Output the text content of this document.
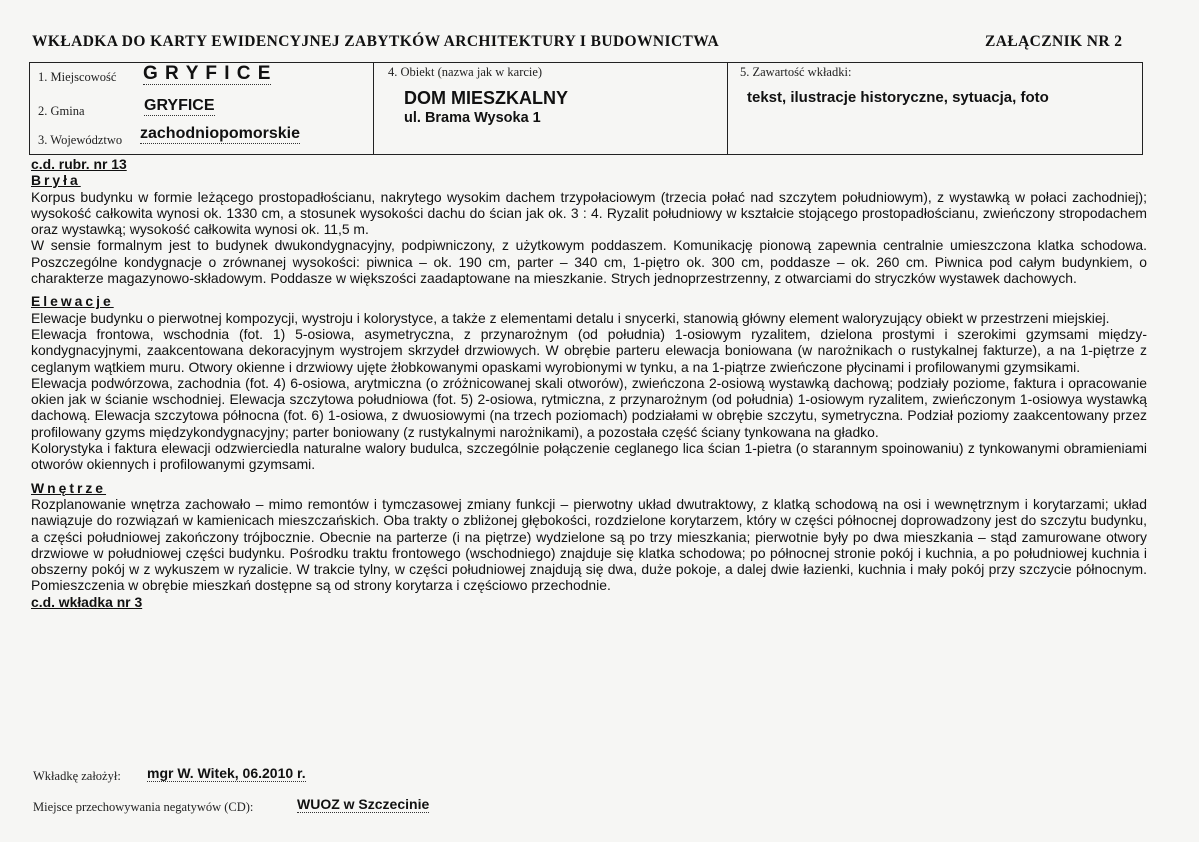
WKŁADKA DO KARTY EWIDENCYJNEJ ZABYTKÓW ARCHITEKTURY I BUDOWNICTWA	ZAŁĄCZNIK NR 2
1. Miejscowość G R Y F I C E
2. Gmina	GRYFICE
3. Województwo zachodniopomorskie
4. Obiekt (nazwa jak w karcie)
DOM MIESZKALNY
ul. Brama Wysoka 1
5. Zawartość wkładki:
tekst, ilustracje historyczne, sytuacja, foto
c.d. rubr. nr 13
Bryła

Korpus budynku w formie leżącego prostopadłościanu, nakrytego wysokim dachem trzypołaciowym (trzecia połać nad szczytem południowym), z wystawką w połaci zachodniej); wysokość całkowita wynosi ok. 1330 cm, a stosunek wysokości dachu do ścian jak ok. 3 : 4. Ryzalit południowy w kształcie stojącego prostopadłościanu, zwieńczony stropodachem oraz wystawką; wysokość całkowita wynosi ok. 11,5 m.

W sensie formalnym jest to budynek dwukondygnacyjny, podpiwniczony, z użytkowym poddaszem. Komunikację pionową zapewnia centralnie umieszczona klatka schodowa. Poszczególne kondygnacje o zrównanej wysokości: piwnica – ok. 190 cm, parter – 340 cm, 1-piętro ok. 300 cm, poddasze – ok. 260 cm. Piwnica pod całym budynkiem, o charakterze magazynowo-składowym. Poddasze w większości zaadaptowane na mieszkanie. Strych jednoprzestrzenny, z otwarciami do stryczków wystawek dachowych.

Elewacje

Elewacje budynku o pierwotnej kompozycji, wystroju i kolorystyce, a także z elementami detalu i snycerki, stanowią główny element waloryzujący obiekt w przestrzeni miejskiej.

Elewacja frontowa, wschodnia (fot. 1) 5-osiowa, asymetryczna, z przynarożnym (od południa) 1-osiowym ryzalitem, dzielona prostymi i szerokimi gzymsami między-kondygnacyjnymi, zaakcentowana dekoracyjnym wystrojem skrzydeł drzwiowych. W obrębie parteru elewacja boniowana (w narożnikach o rustykalnej fakturze), a na 1-piętrze z ceglanym wątkiem muru. Otwory okienne i drzwiowy ujęte żłobkowanymi opaskami wyrobionymi w tynku, a na 1-piątrze zwieńczone płycinami i profilowanymi gzymsikami.

Elewacja podwórzowa, zachodnia (fot. 4) 6-osiowa, arytmiczna (o zróżnicowanej skali otworów), zwieńczona 2-osiową wystawką dachową; podziały poziome, faktura i opracowanie okien jak w ścianie wschodniej. Elewacja szczytowa południowa (fot. 5) 2-osiowa, rytmiczna, z przynarożnym (od południa) 1-osiowym ryzalitem, zwieńczonym 1-osiowya wystawką dachową. Elewacja szczytowa północna (fot. 6) 1-osiowa, z dwuosiowymi (na trzech poziomach) podziałami w obrębie szczytu, symetryczna. Podział poziomy zaakcentowany przez profilowany gzyms międzykondygnacyjny; parter boniowany (z rustykalnymi narożnikami), a pozostała część ściany tynkowana na gładko.

Kolorystyka i faktura elewacji odzwierciedla naturalne walory budulca, szczególnie połączenie ceglanego lica ścian 1-pietra (o starannym spoinowaniu) z tynkowanymi obramieniami otworów okiennych i profilowanymi gzymsami.

Wnętrze

Rozplanowanie wnętrza zachowało – mimo remontów i tymczasowej zmiany funkcji – pierwotny układ dwutraktowy, z klatką schodową na osi i wewnętrznym i korytarzami; układ nawiązuje do rozwiązań w kamienicach mieszczańskich. Oba trakty o zbliżonej głębokości, rozdzielone korytarzem, który w części północnej doprowadzony jest do szczytu budynku, a części południowej zakończony trójbocznie. Obecnie na parterze (i na piętrze) wydzielone są po trzy mieszkania; pierwotnie były po dwa mieszkania – stąd zamurowane otwory drzwiowe w południowej części budynku. Pośrodku traktu frontowego (wschodniego) znajduje się klatka schodowa; po północnej stronie pokój i kuchnia, a po południowej kuchnia i obszerny pokój w z wykuszem w ryzalicie. W trakcie tylny, w części południowej znajdują się dwa, duże pokoje, a dalej dwie łazienki, kuchnia i mały pokój przy szczycie północnym. Pomieszczenia w obrębie mieszkań dostępne są od strony korytarza i częściowo przechodnie.

c.d. wkładka nr 3
Wkładkę założył: mgr W. Witek, 06.2010 r.
Miejsce przechowywania negatywów (CD):	WUOZ w Szczecinie
